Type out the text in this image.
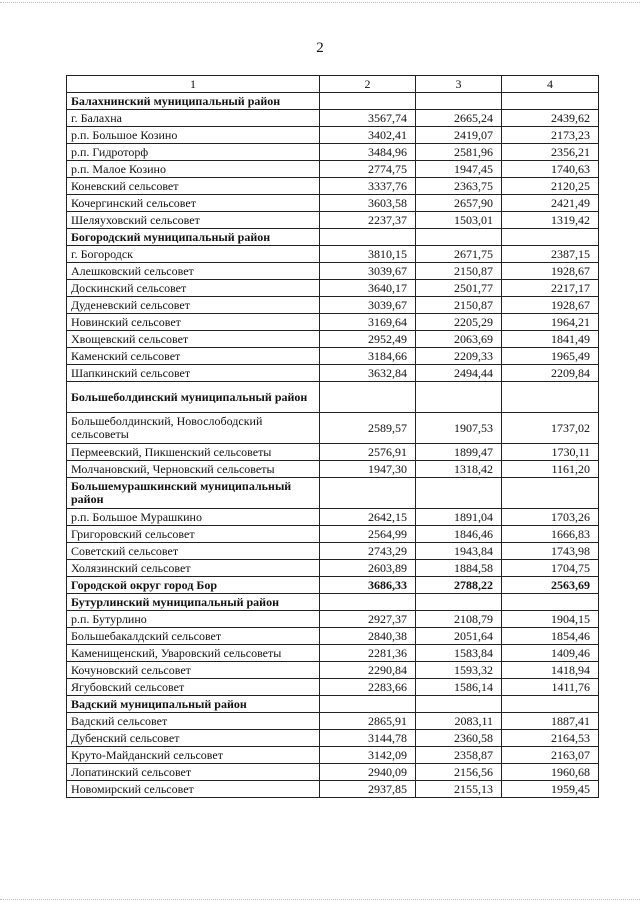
2
1	2	3	4
Балахнинский муниципальный район			
г. Балахна	3567,74	2665,24	2439,62
р.п. Большое Козино	3402,41	2419,07	2173,23
р.п. Гидроторф	3484,96	2581,96	2356,21
р.п. Малое Козино	2774,75	1947,45	1740,63
Коневский сельсовет	3337,76	2363,75	2120,25
Кочергинский сельсовет	3603,58	2657,90	2421,49
Шеляуховский сельсовет	2237,37	1503,01	1319,42
Богородский муниципальный район			
г. Богородск	3810,15	2671,75	2387,15
Алешковский сельсовет	3039,67	2150,87	1928,67
Доскинский сельсовет	3640,17	2501,77	2217,17
Дуденевский сельсовет	3039,67	2150,87	1928,67
Новинский сельсовет	3169,64	2205,29	1964,21
Хвощевский сельсовет	2952,49	2063,69	1841,49
Каменский сельсовет	3184,66	2209,33	1965,49
Шапкинский сельсовет	3632,84	2494,44	2209,84
Большеболдинский муниципальный район			
Большеболдинский, Новослободский сельсоветы	2589,57	1907,53	1737,02
Пермеевский, Пикшенский сельсоветы	2576,91	1899,47	1730,11
Молчановский, Черновский сельсоветы	1947,30	1318,42	1161,20
Большемурашкинский муниципальный район			
р.п. Большое Мурашкино	2642,15	1891,04	1703,26
Григоровский сельсовет	2564,99	1846,46	1666,83
Советский сельсовет	2743,29	1943,84	1743,98
Холязинский сельсовет	2603,89	1884,58	1704,75
Городской округ город Бор	3686,33	2788,22	2563,69
Бутурлинский муниципальный район			
р.п. Бутурлино	2927,37	2108,79	1904,15
Большебакалдский сельсовет	2840,38	2051,64	1854,46
Каменищенский, Уваровский сельсоветы	2281,36	1583,84	1409,46
Кочуновский сельсовет	2290,84	1593,32	1418,94
Ягубовский сельсовет	2283,66	1586,14	1411,76
Вадский муниципальный район			
Вадский сельсовет	2865,91	2083,11	1887,41
Дубенский сельсовет	3144,78	2360,58	2164,53
Круто-Майданский сельсовет	3142,09	2358,87	2163,07
Лопатинский сельсовет	2940,09	2156,56	1960,68
Новомирский сельсовет	2937,85	2155,13	1959,45
